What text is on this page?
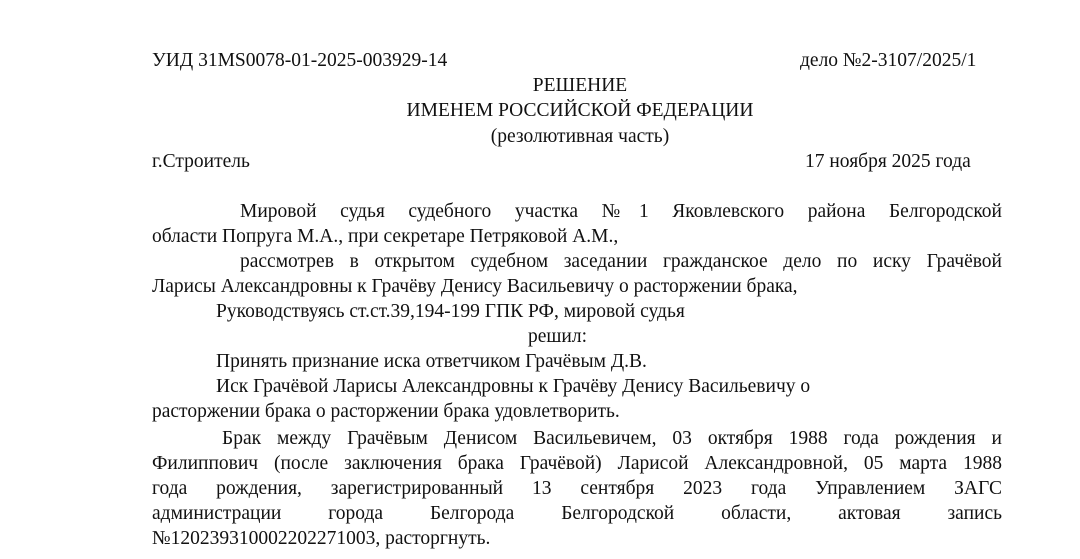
УИД 31MS0078-01-2025-003929-14	дело №2-3107/2025/1
РЕШЕНИЕ
ИМЕНЕМ РОССИЙСКОЙ ФЕДЕРАЦИИ
(резолютивная часть)
г.Строитель	17 ноября 2025 года
Мировой судья судебного участка №1 Яковлевского района Белгородской
области Попруга М.А., при секретаре Петряковой А.М.,
рассмотрев в открытом судебном заседании гражданское дело по иску Грачёвой
Ларисы Александровны к Грачёву Денису Васильевичу о расторжении брака,
Руководствуясь ст.ст.39,194-199 ГПК РФ, мировой судья
решил:
Принять признание иска ответчиком Грачёвым Д.В.
Иск Грачёвой Ларисы Александровны к Грачёву Денису Васильевичу о
расторжении брака о расторжении брака удовлетворить.
Брак между Грачёвым Денисом Васильевичем, 03 октября 1988 года рождения и
Филиппович (после заключения брака Грачёвой) Ларисой Александровной, 05 марта 1988
года рождения, зарегистрированный 13 сентября 2023 года Управлением ЗАГС
администрации города Белгорода Белгородской области, актовая запись
№120239310002202271003, расторгнуть.
